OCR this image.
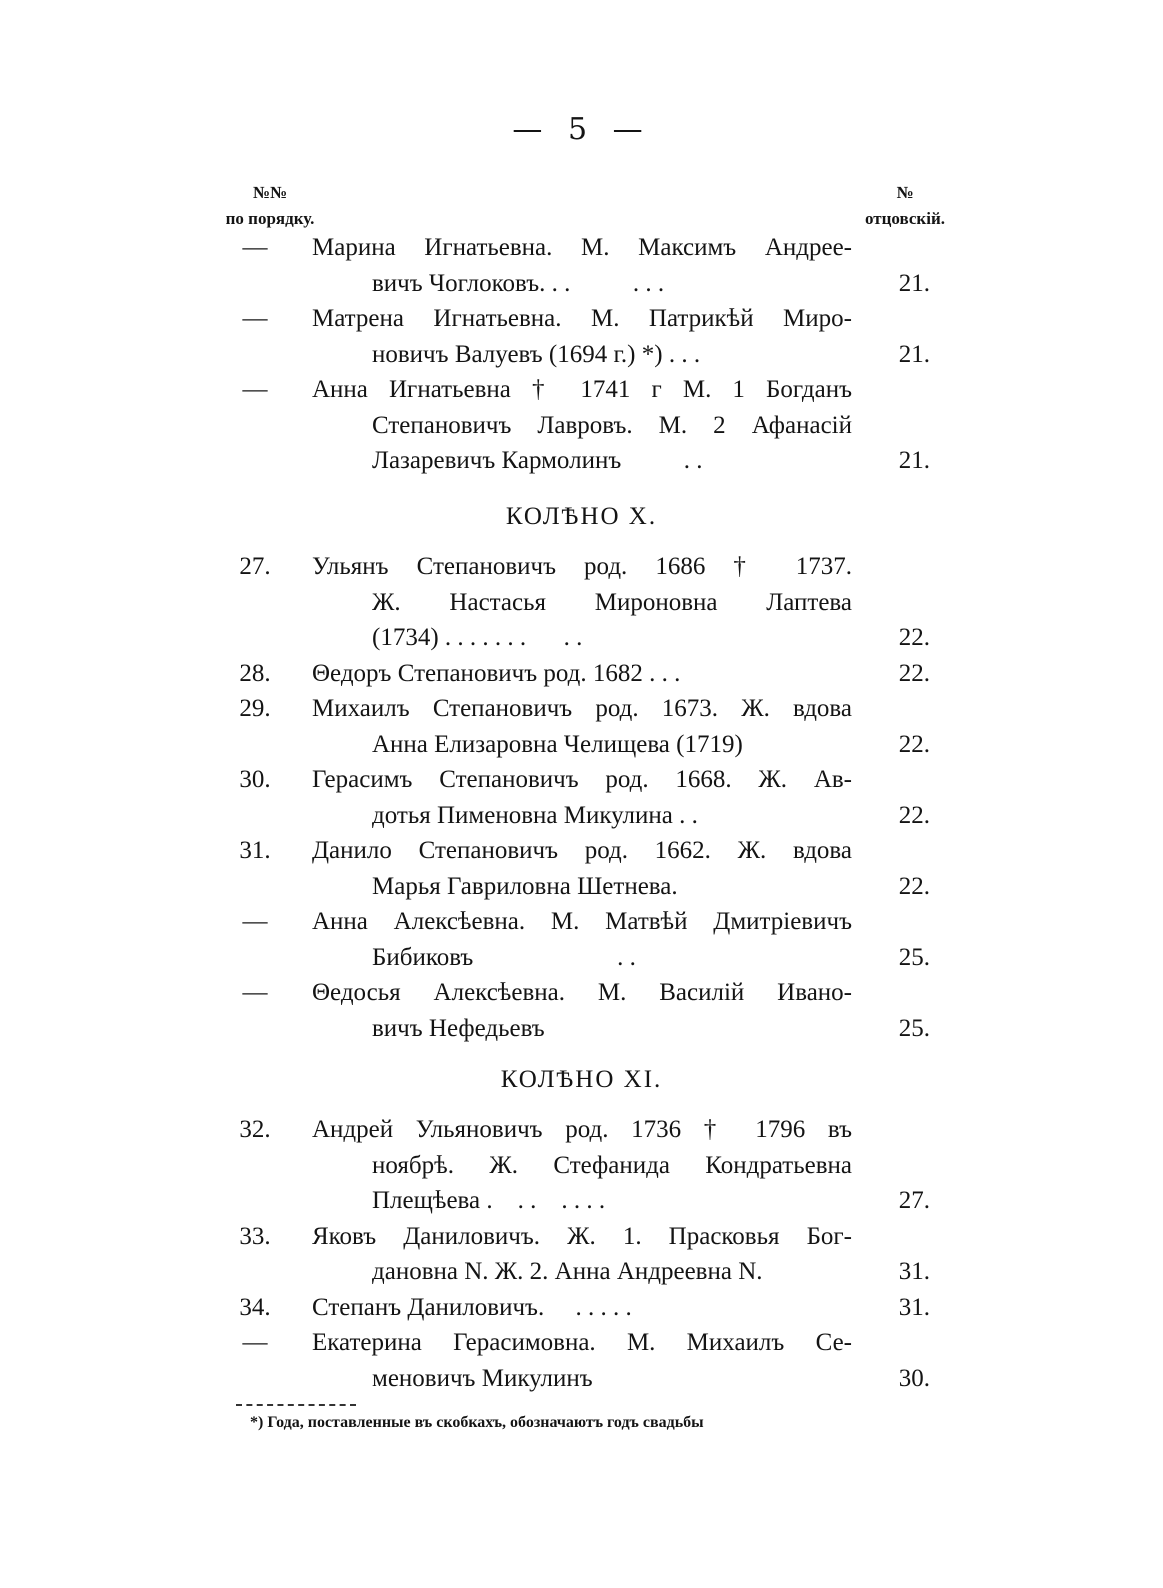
— 5 —
№№
по порядку.
№
отцовскій.
—	Марина Игнатьевна. М. Максимъ Андрее-
вичъ Чоглоковъ. . .          . . .	21.
—	Матрена Игнатьевна. М. Патрикѣй Миро-
новичъ Валуевъ (1694 г.) *) . . .	21.
—	Анна Игнатьевна † 1741 г М. 1 Богданъ
Степановичъ Лавровъ. М. 2 Афанасій
Лазаревичъ Кармолинъ          . .	21.
КОЛѢНО X.
27.	Ульянъ Степановичъ род. 1686 † 1737.
Ж. Настасья Мироновна Лаптева
(1734) . . . . . . .      . .	22.
28.	Θедоръ Степановичъ род. 1682 . . .	22.
29.	Михаилъ Степановичъ род. 1673. Ж. вдова
Анна Елизаровна Челищева (1719)	22.
30.	Герасимъ Степановичъ род. 1668. Ж. Ав-
дотья Пименовна Микулина . .	22.
31.	Данило Степановичъ род. 1662. Ж. вдова
Марья Гавриловна Шетнева.	22.
—	Анна Алексѣевна. М. Матвѣй Дмитріевичъ
Бибиковъ                       . .	25.
—	Θедосья Алексѣевна. М. Василій Ивано-
вичъ Нефедьевъ	25.
КОЛѢНО XI.
32.	Андрей Ульяновичъ род. 1736 † 1796 въ
ноябрѣ. Ж. Стефанида Кондратьевна
Плещѣева .    . .    . . . .	27.
33.	Яковъ Даниловичъ. Ж. 1. Прасковья Бог-
дановна N. Ж. 2. Анна Андреевна N.	31.
34.	Степанъ Даниловичъ.     . . . . .	31.
—	Екатерина Герасимовна. М. Михаилъ Се-
меновичъ Микулинъ	30.
*) Года, поставленные въ скобкахъ, обозначаютъ годъ свадьбы
